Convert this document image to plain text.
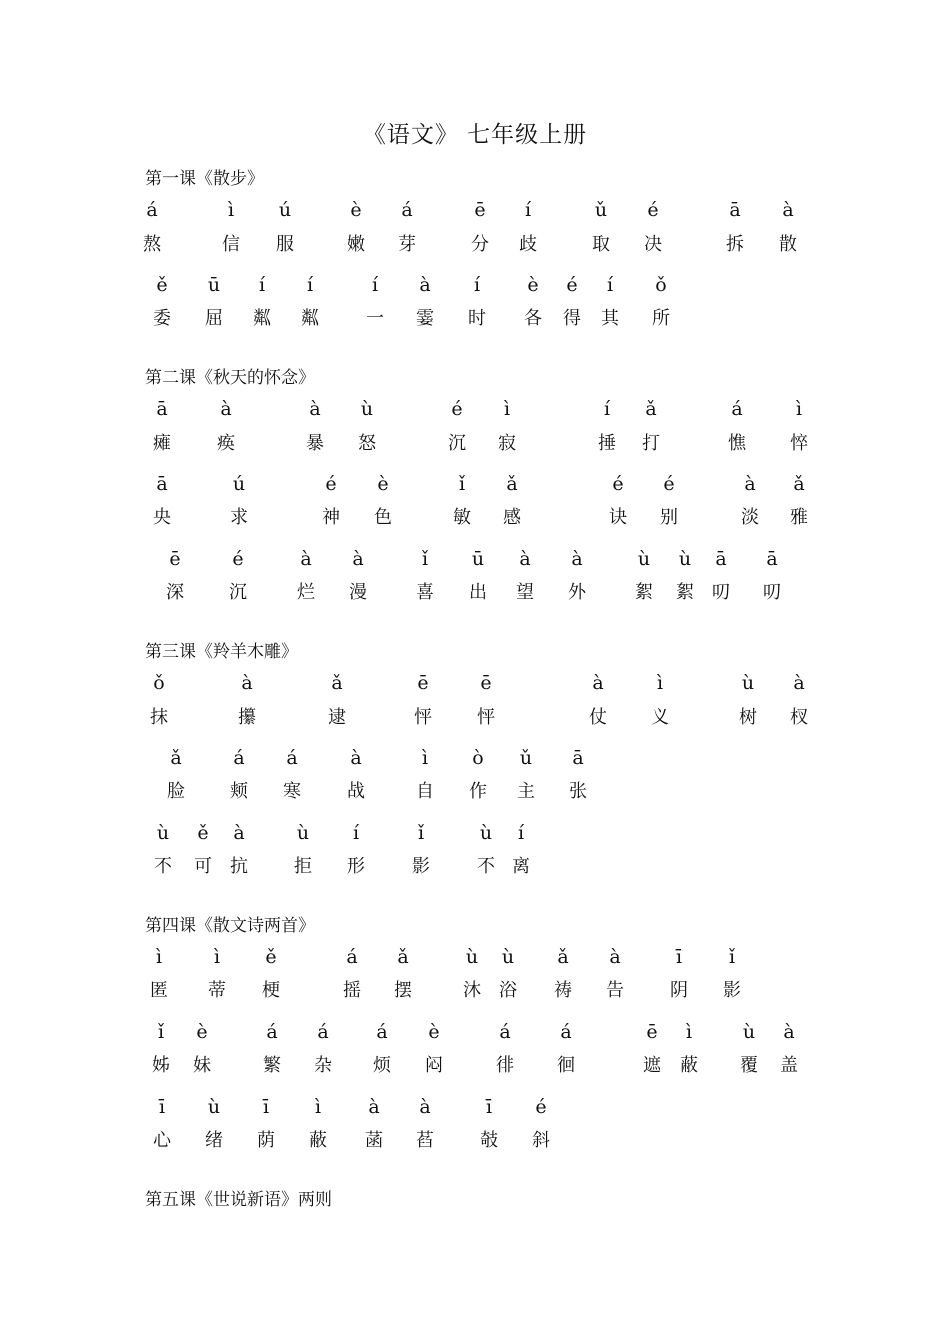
《语文》 七年级上册
第一课《散步》
á	ì ú	è á	ē í	ǔ é	ā à
熬	信 服	嫩 芽	分 歧	取 决	拆 散
ě ū í í	í à í è é í ǒ
委 屈 粼 粼	一 霎 时 各 得 其 所
第二课《秋天的怀念》
ā	à	à ù	é ì	í ǎ	á	ì
瘫	痪	暴 怒	沉 寂	捶 打	憔 悴
ā	ú	é è	ǐ ǎ	é é	à ǎ
央	求	神 色	敏 感	诀 别	淡 雅
ē	é	à à	ǐ ū à à	ù ù ā ā
深	沉	烂 漫	喜 出 望 外	絮 絮 叨 叨
第三课《羚羊木雕》
ǒ	à	ǎ	ē	ē	à	ì	ù à
抹	攥	逮	怦	怦	仗 义	树 杈
ǎ	á á	à	ì ò ǔ ā
脸	颊 寒	战	自 作 主 张
ù ě à	ù í	ǐ	ù í
不 可 抗	拒 形	影	不 离
第四课《散文诗两首》
ì	ì ě	á ǎ	ù ù ǎ à	ī ǐ
匿 蒂 梗	摇 摆	沐 浴 祷 告	阴 影
ǐ è	á á	á è	á	á	ē ì	ù à
姊 妹	繁 杂 烦 闷	徘 徊	遮 蔽 覆 盖
ī ù ī ì à à	ī é
心 绪 荫 蔽 菡 萏	攲 斜
第五课《世说新语》两则
